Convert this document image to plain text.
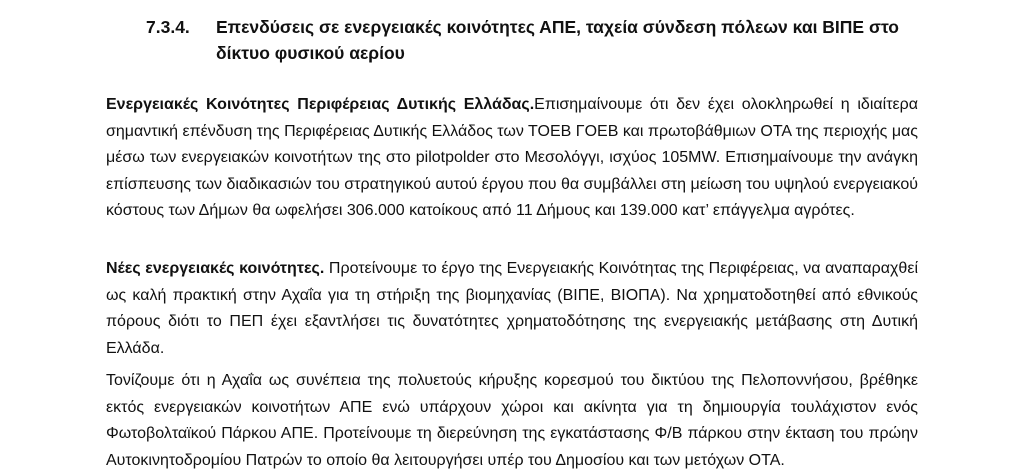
7.3.4.	Επενδύσεις σε ενεργειακές κοινότητες ΑΠΕ, ταχεία σύνδεση πόλεων και ΒΙΠΕ στο δίκτυο φυσικού αερίου

Ενεργειακές Κοινότητες Περιφέρειας Δυτικής Ελλάδας.Επισημαίνουμε ότι δεν έχει ολοκληρωθεί η ιδιαίτερα σημαντική επένδυση της Περιφέρειας Δυτικής Ελλάδος των ΤΟΕΒ ΓΟΕΒ και πρωτοβάθμιων ΟΤΑ της περιοχής μας μέσω των ενεργειακών κοινοτήτων της στο pilotpolder στο Μεσολόγγι, ισχύος 105MW. Επισημαίνουμε την ανάγκη επίσπευσης των διαδικασιών του στρατηγικού αυτού έργου που θα συμβάλλει στη μείωση του υψηλού ενεργειακού κόστους των Δήμων θα ωφελήσει 306.000 κατοίκους από 11 Δήμους και 139.000 κατ’ επάγγελμα αγρότες.

Νέες ενεργειακές κοινότητες. Προτείνουμε το έργο της Ενεργειακής Κοινότητας της Περιφέρειας, να αναπαραχθεί ως καλή πρακτική στην Αχαΐα για τη στήριξη της βιομηχανίας (ΒΙΠΕ, ΒΙΟΠΑ). Να χρηματοδοτηθεί από εθνικούς πόρους διότι το ΠΕΠ έχει εξαντλήσει τις δυνατότητες χρηματοδότησης της ενεργειακής μετάβασης στη Δυτική Ελλάδα.

Τονίζουμε ότι η Αχαΐα ως συνέπεια της πολυετούς κήρυξης κορεσμού του δικτύου της Πελοποννήσου, βρέθηκε εκτός ενεργειακών κοινοτήτων ΑΠΕ ενώ υπάρχουν χώροι και ακίνητα για τη δημιουργία τουλάχιστον ενός Φωτοβολταϊκού Πάρκου ΑΠΕ. Προτείνουμε τη διερεύνηση της εγκατάστασης Φ/Β πάρκου στην έκταση του πρώην Αυτοκινητοδρομίου Πατρών το οποίο θα λειτουργήσει υπέρ του Δημοσίου και των μετόχων ΟΤΑ.
